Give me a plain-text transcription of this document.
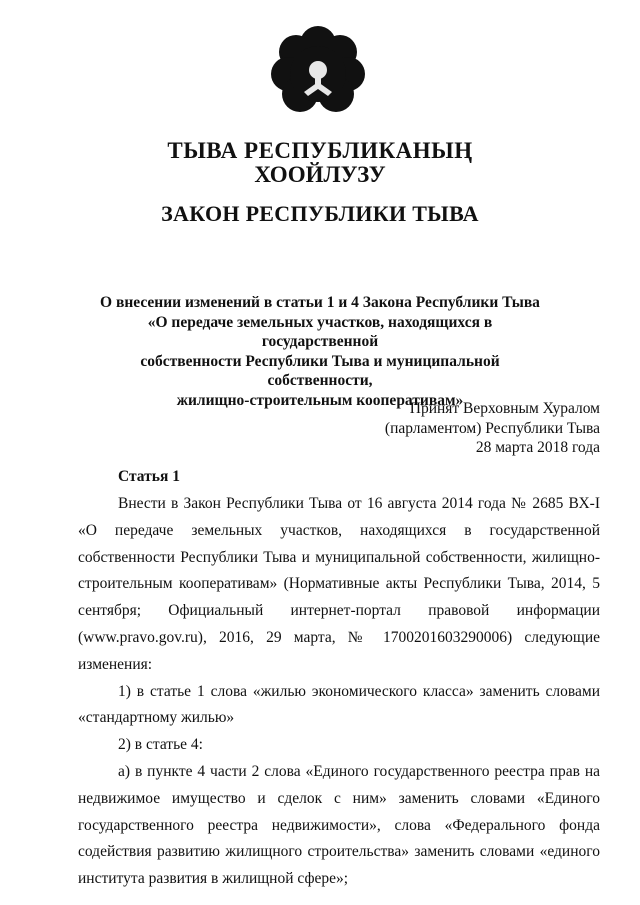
ТЫВА РЕСПУБЛИКАНЫҢ
ХООЙЛУЗУ
ЗАКОН РЕСПУБЛИКИ ТЫВА
О внесении изменений в статьи 1 и 4 Закона Республики Тыва
«О передаче земельных участков, находящихся в государственной
собственности Республики Тыва и муниципальной собственности,
жилищно-строительным кооперативам»
Принят Верховным Хуралом
(парламентом) Республики Тыва
28 марта 2018 года
Статья 1

Внести в Закон Республики Тыва от 16 августа 2014 года № 2685 ВХ-I «О передаче земельных участков, находящихся в государственной собственности Республики Тыва и муниципальной собственности, жилищно-строительным кооперативам» (Нормативные акты Республики Тыва, 2014, 5 сентября; Официальный интернет-портал правовой информации (www.pravo.gov.ru), 2016, 29 марта, № 1700201603290006) следующие изменения:

1) в статье 1 слова «жилью экономического класса» заменить словами «стандартному жилью»

2) в статье 4:

а) в пункте 4 части 2 слова «Единого государственного реестра прав на недвижимое имущество и сделок с ним» заменить словами «Единого государственного реестра недвижимости», слова «Федерального фонда содействия развитию жилищного строительства» заменить словами «единого института развития в жилищной сфере»;
